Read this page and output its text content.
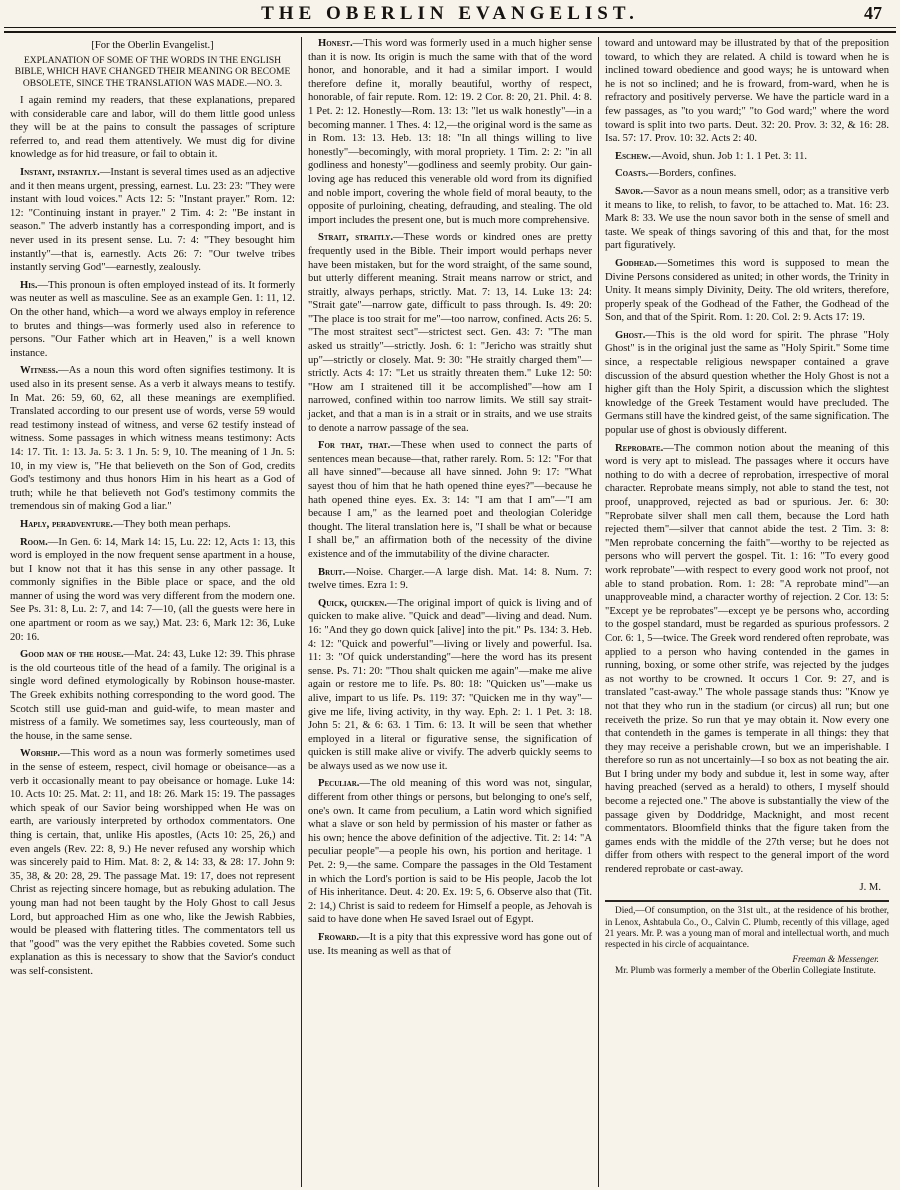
THE OBERLIN EVANGELIST.	47
[For the Oberlin Evangelist.]
EXPLANATION OF SOME OF THE WORDS IN THE ENGLISH BIBLE, WHICH HAVE CHANGED THEIR MEANING OR BECOME OBSOLETE, SINCE THE TRANSLATION WAS MADE.—NO. 3.

I again remind my readers, that these explanations, prepared with considerable care and labor, will do them little good unless they will be at the pains to consult the passages of scripture referred to, and read them attentively. We must dig for divine knowledge as for hid treasure, or fail to obtain it.

Instant, instantly.—Instant is several times used as an adjective and it then means urgent, pressing, earnest. Lu. 23: 23: "They were instant with loud voices." Acts 12: 5: "Instant prayer." Rom. 12: 12: "Continuing instant in prayer." 2 Tim. 4: 2: "Be instant in season." The adverb instantly has a corresponding import, and is never used in its present sense. Lu. 7: 4: "They besought him instantly"—that is, earnestly. Acts 26: 7: "Our twelve tribes instantly serving God"—earnestly, zealously.

His.—This pronoun is often employed instead of its. It formerly was neuter as well as masculine. See as an example Gen. 1: 11, 12. On the other hand, which—a word we always employ in reference to brutes and things—was formerly used also in reference to persons. "Our Father which art in Heaven," is a well known instance.

Witness.—As a noun this word often signifies testimony. It is used also in its present sense. As a verb it always means to testify. In Mat. 26: 59, 60, 62, all these meanings are exemplified. Translated according to our present use of words, verse 59 would read testimony instead of witness, and verse 62 testify instead of witness. Some passages in which witness means testimony: Acts 14: 17. Tit. 1: 13. Ja. 5: 3. 1 Jn. 5: 9, 10. The meaning of 1 Jn. 5: 10, in my view is, "He that believeth on the Son of God, credits God's testimony and thus honors Him in his heart as a God of truth; while he that believeth not God's testimony commits the tremendous sin of making God a liar."

Haply, peradventure.—They both mean perhaps.

Room.—In Gen. 6: 14, Mark 14: 15, Lu. 22: 12, Acts 1: 13, this word is employed in the now frequent sense apartment in a house, but I know not that it has this sense in any other passage. It commonly signifies in the Bible place or space, and the old manner of using the word was very different from the modern one. See Ps. 31: 8, Lu. 2: 7, and 14: 7—10, (all the guests were here in one apartment or room as we say,) Mat. 23: 6, Mark 12: 36, Luke 20: 16.

Good man of the house.—Mat. 24: 43, Luke 12: 39. This phrase is the old courteous title of the head of a family. The original is a single word defined etymologically by Robinson house-master. The Greek exhibits nothing corresponding to the word good. The Scotch still use guid-man and guid-wife, to mean master and mistress of a family. We sometimes say, less courteously, man of the house, in the same sense.

Worship.—This word as a noun was formerly sometimes used in the sense of esteem, respect, civil homage or obeisance—as a verb it occasionally meant to pay obeisance or homage. Luke 14: 10. Acts 10: 25. Mat. 2: 11, and 18: 26. Mark 15: 19. The passages which speak of our Savior being worshipped when He was on earth, are variously interpreted by orthodox commentators. One thing is certain, that, unlike His apostles, (Acts 10: 25, 26,) and even angels (Rev. 22: 8, 9.) He never refused any worship which was sincerely paid to Him. Mat. 8: 2, & 14: 33, & 28: 17. John 9: 35, 38, & 20: 28, 29. The passage Mat. 19: 17, does not represent Christ as rejecting sincere homage, but as rebuking adulation. The young man had not been taught by the Holy Ghost to call Jesus Lord, but approached Him as one who, like the Jewish Rabbies, would be pleased with flattering titles. The commentators tell us that "good" was the very epithet the Rabbies coveted. Some such explanation as this is necessary to show that the Savior's conduct was self-consistent.

Honest.—This word was formerly used in a much higher sense than it is now. Its origin is much the same with that of the word honor, and honorable, and it had a similar import. I would therefore define it, morally beautiful, worthy of respect, honorable, of fair repute. Rom. 12: 19. 2 Cor. 8: 20, 21. Phil. 4: 8. 1 Pet. 2: 12. Honestly—Rom. 13: 13: "let us walk honestly"—in a becoming manner. 1 Thes. 4: 12,—the original word is the same as in Rom. 13: 13. Heb. 13: 18: "In all things willing to live honestly"—becomingly, with moral propriety. 1 Tim. 2: 2: "in all godliness and honesty"—godliness and seemly probity. Our gain-loving age has reduced this venerable old word from its dignified and noble import, covering the whole field of moral beauty, to the opposite of purloining, cheating, defrauding, and stealing. The old import includes the present one, but is much more comprehensive.

Strait, straitly.—These words or kindred ones are pretty frequently used in the Bible. Their import would perhaps never have been mistaken, but for the word straight, of the same sound, but utterly different meaning. Strait means narrow or strict, and straitly, always perhaps, strictly. Mat. 7: 13, 14. Luke 13: 24: "Strait gate"—narrow gate, difficult to pass through. Is. 49: 20: "The place is too strait for me"—too narrow, confined. Acts 26: 5. "The most straitest sect"—strictest sect. Gen. 43: 7: "The man asked us straitly"—strictly. Josh. 6: 1: "Jericho was straitly shut up"—strictly or closely. Mat. 9: 30: "He straitly charged them"—strictly. Acts 4: 17: "Let us straitly threaten them." Luke 12: 50: "How am I straitened till it be accomplished"—how am I narrowed, confined within too narrow limits. We still say strait-jacket, and that a man is in a strait or in straits, and we use straits to denote a narrow passage of the sea.

For that, that.—These when used to connect the parts of sentences mean because—that, rather rarely. Rom. 5: 12: "For that all have sinned"—because all have sinned. John 9: 17: "What sayest thou of him that he hath opened thine eyes?"—because he hath opened thine eyes. Ex. 3: 14: "I am that I am"—"I am because I am," as the learned poet and theologian Coleridge thought. The literal translation here is, "I shall be what or because I shall be," an affirmation both of the necessity of the divine existence and of the immutability of the divine character.

Bruit.—Noise. Charger.—A large dish. Mat. 14: 8. Num. 7: twelve times. Ezra 1: 9.

Quick, quicken.—The original import of quick is living and of quicken to make alive. "Quick and dead"—living and dead. Num. 16: "And they go down quick [alive] into the pit." Ps. 134: 3. Heb. 4: 12: "Quick and powerful"—living or lively and powerful. Isa. 11: 3: "Of quick understanding"—here the word has its present sense. Ps. 71: 20: "Thou shalt quicken me again"—make me alive again or restore me to life. Ps. 80: 18: "Quicken us"—make us alive, impart to us life. Ps. 119: 37: "Quicken me in thy way"—give me life, living activity, in thy way. Eph. 2: 1. 1 Pet. 3: 18. John 5: 21, & 6: 63. 1 Tim. 6: 13. It will be seen that whether employed in a literal or figurative sense, the signification of quicken is still make alive or vivify. The adverb quickly seems to be always used as we now use it.

Peculiar.—The old meaning of this word was not, singular, different from other things or persons, but belonging to one's self, one's own. It came from peculium, a Latin word which signified what a slave or son held by permission of his master or father as his own; hence the above definition of the adjective. Tit. 2: 14: "A peculiar people"—a people his own, his portion and heritage. 1 Pet. 2: 9,—the same. Compare the passages in the Old Testament in which the Lord's portion is said to be His people, Jacob the lot of His inheritance. Deut. 4: 20. Ex. 19: 5, 6. Observe also that (Tit. 2: 14,) Christ is said to redeem for Himself a people, as Jehovah is said to have done when He saved Israel out of Egypt.

Froward.—It is a pity that this expressive word has gone out of use. Its meaning as well as that of

toward and untoward may be illustrated by that of the preposition toward, to which they are related. A child is toward when he is inclined toward obedience and good ways; he is untoward when he is not so inclined; and he is froward, from-ward, when he is refractory and positively perverse. We have the particle ward in a few passages, as "to you ward;" "to God ward;" where the word toward is split into two parts. Deut. 32: 20. Prov. 3: 32, & 16: 28. Isa. 57: 17. Prov. 10: 32. Acts 2: 40.

Eschew.—Avoid, shun. Job 1: 1. 1 Pet. 3: 11.

Coasts.—Borders, confines.

Savor.—Savor as a noun means smell, odor; as a transitive verb it means to like, to relish, to favor, to be attached to. Mat. 16: 23. Mark 8: 33. We use the noun savor both in the sense of smell and taste. We speak of things savoring of this and that, for the most part figuratively.

Godhead.—Sometimes this word is supposed to mean the Divine Persons considered as united; in other words, the Trinity in Unity. It means simply Divinity, Deity. The old writers, therefore, properly speak of the Godhead of the Father, the Godhead of the Son, and that of the Spirit. Rom. 1: 20. Col. 2: 9. Acts 17: 19.

Ghost.—This is the old word for spirit. The phrase "Holy Ghost" is in the original just the same as "Holy Spirit." Some time since, a respectable religious newspaper contained a grave discussion of the absurd question whether the Holy Ghost is not a higher gift than the Holy Spirit, a discussion which the slightest knowledge of the Greek Testament would have precluded. The Germans still have the kindred geist, of the same signification. The popular use of ghost is obviously different.

Reprobate.—The common notion about the meaning of this word is very apt to mislead. The passages where it occurs have nothing to do with a decree of reprobation, irrespective of moral character. Reprobate means simply, not able to stand the test, not proof, unapproved, rejected as bad or spurious. Jer. 6: 30: "Reprobate silver shall men call them, because the Lord hath rejected them"—silver that cannot abide the test. 2 Tim. 3: 8: "Men reprobate concerning the faith"—worthy to be rejected as persons who will pervert the gospel. Tit. 1: 16: "To every good work reprobate"—with respect to every good work not proof, not able to stand probation. Rom. 1: 28: "A reprobate mind"—an unapproveable mind, a character worthy of rejection. 2 Cor. 13: 5: "Except ye be reprobates"—except ye be persons who, according to the gospel standard, must be regarded as spurious professors. 2 Cor. 6: 1, 5—twice. The Greek word rendered often reprobate, was applied to a person who having contended in the games in running, boxing, or some other strife, was rejected by the judges as not worthy to be crowned. It occurs 1 Cor. 9: 27, and is translated "cast-away." The whole passage stands thus: "Know ye not that they who run in the stadium (or circus) all run; but one receiveth the prize. So run that ye may obtain it. Now every one that contendeth in the games is temperate in all things: they that they may receive a perishable crown, but we an imperishable. I therefore so run as not uncertainly—I so box as not beating the air. But I bring under my body and subdue it, lest in some way, after having preached (served as a herald) to others, I myself should become a rejected one." The above is substantially the view of the passage given by Doddridge, Macknight, and most recent commentators. Bloomfield thinks that the figure taken from the games ends with the middle of the 27th verse; but he does not differ from others with respect to the general import of the word rendered reprobate or cast-away.

J. M.

Died,—Of consumption, on the 31st ult., at the residence of his brother, in Lenox, Ashtabula Co., O., Calvin C. Plumb, recently of this village, aged 21 years. Mr. P. was a young man of moral and intellectual worth, and much respected in his circle of acquaintance.

Freeman & Messenger.

Mr. Plumb was formerly a member of the Oberlin Collegiate Institute.
